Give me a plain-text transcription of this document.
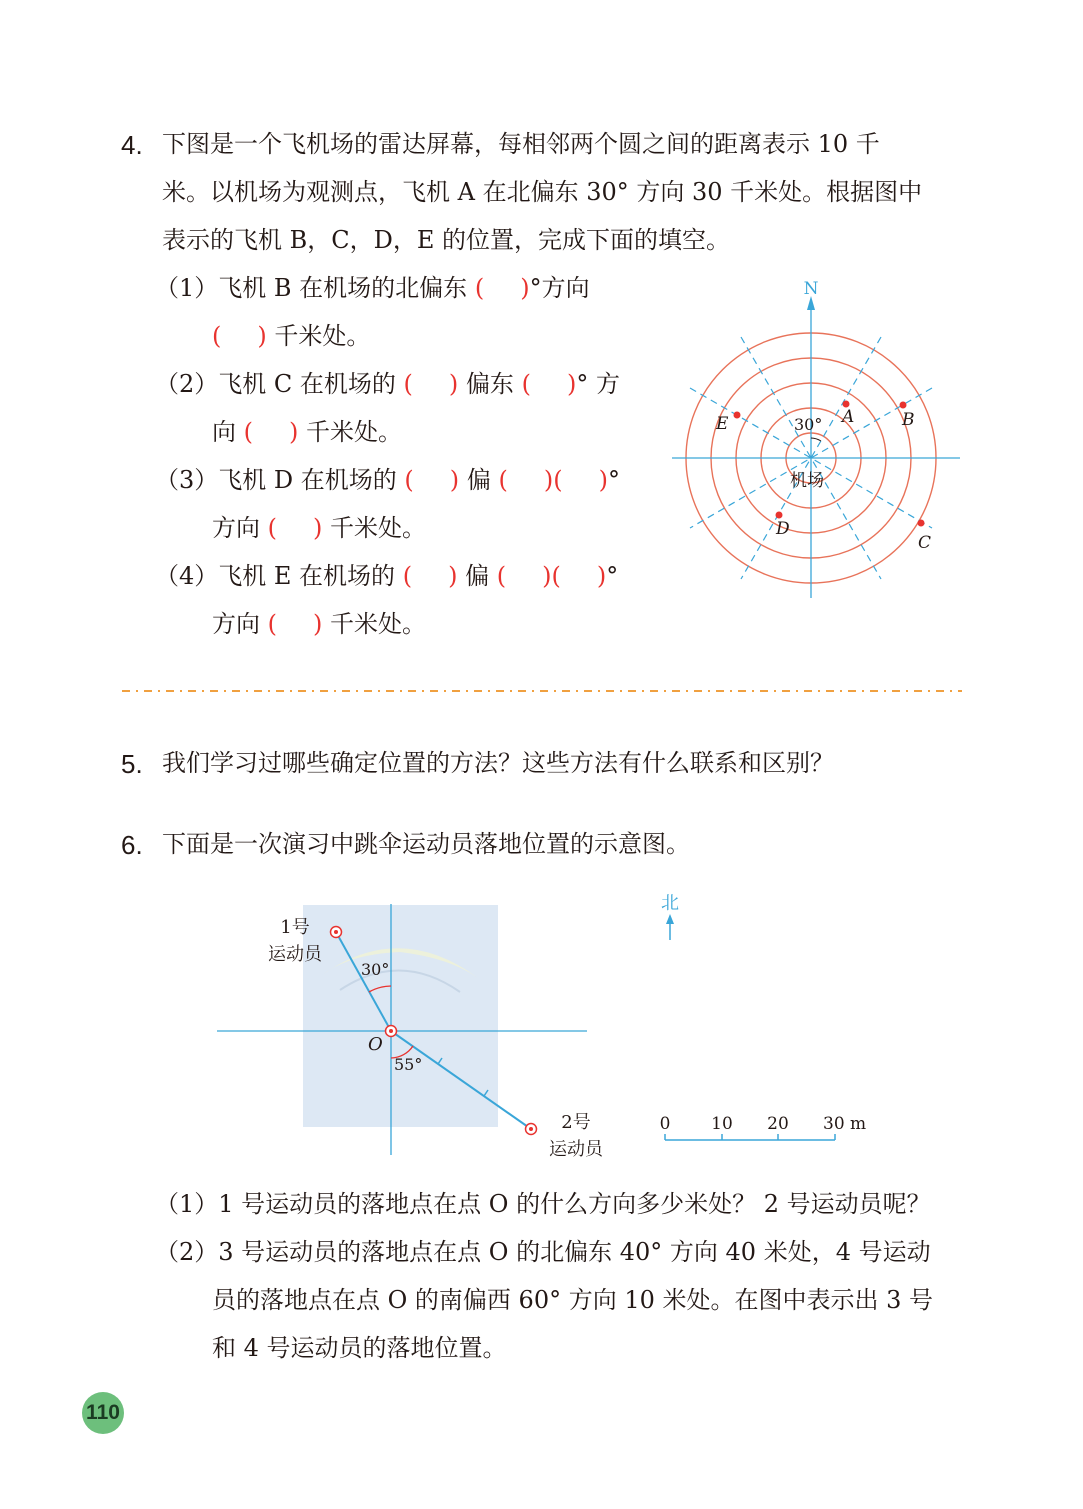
4. 下图是一个飞机场的雷达屏幕，每相邻两个圆之间的距离表示 10 千
米。以机场为观测点，飞机 A 在北偏东 30° 方向 30 千米处。根据图中
表示的飞机 B，C，D，E 的位置，完成下面的填空。
（1）飞机 B 在机场的北偏东 (   )°方向
(   ) 千米处。
（2）飞机 C 在机场的 (   ) 偏东 (   )° 方
向 (   ) 千米处。
（3）飞机 D 在机场的 (   ) 偏 (   )(   )°
方向 (   ) 千米处。
（4）飞机 E 在机场的 (   ) 偏 (   )(   )°
方向 (   ) 千米处。
N
30°
机场
A	B
C
D
E
5. 我们学习过哪些确定位置的方法？这些方法有什么联系和区别？
6. 下面是一次演习中跳伞运动员落地位置的示意图。
1号
运动员
30°
O
55°
2号
运动员
北
0 10 20 30 m
（1）1 号运动员的落地点在点 O 的什么方向多少米处？ 2 号运动员呢？
（2）3 号运动员的落地点在点 O 的北偏东 40° 方向 40 米处，4 号运动
员的落地点在点 O 的南偏西 60° 方向 10 米处。在图中表示出 3 号
和 4 号运动员的落地位置。
110
